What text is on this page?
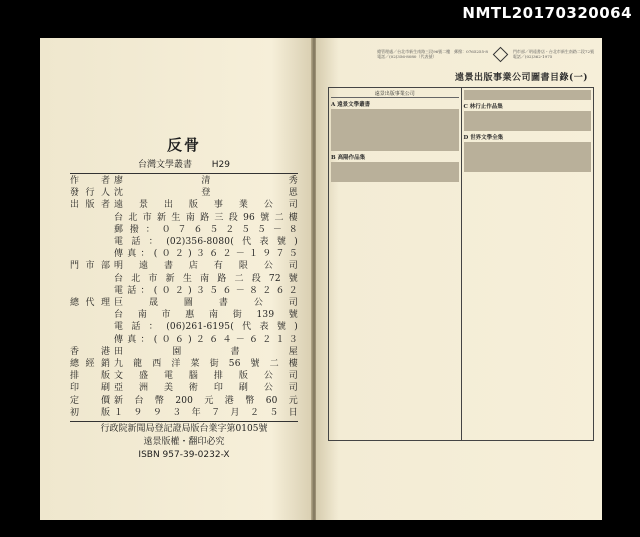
NMTL20170320064
反骨
台灣文學叢書 H29
作者 廖　　　　　　　清　　　　　　　秀
發行人 沈　　　　　　　登　　　　　　　恩
出版者 遠　景　出　版　事　業　公　司
台北市新生南路三段96號二樓
郵撥：０７６５２５５－８
電話：(02)356-8080(代表號)
傳真：(０２)３６２－１９７５
門市部 明　遠　書　店　有　限　公　司
台北市新生南路二段72號
電話：(０２)３５６－８２６２
總代理 巨　晟　圖　書　公　司
台　南　市　惠　南　街　139　號
電話：(06)261-6195(代表號)
傳真：(０６)２６４－６２１３
香港 田　　　　園　　　　書　　　　屋
總經銷 九龍西洋菜街56號二樓
排版 文　盛　電　腦　排　版　公　司
印刷 亞　洲　美　術　印　刷　公　司
定價 新　台　幣　200　元　港　幣　60　元
初版 １　９　９　３　年　７　月　２　５　日
行政院新聞局登記證局版台業字第0105號
遠景版權・翻印必究
ISBN 957-39-0232-X
總管理處／台北市新生南路三段96號二樓　郵撥：0765255-8
電話／(02)356-8080（代表號）
門市部／明遠書店・台北市新生南路二段72號
電話／(02)362-1975
遠景出版事業公司圖書目錄(一)
遠景出版事業公司
A 遠景文學叢書
B 高陽作品集
C 林行止作品集
D 世界文學全集
